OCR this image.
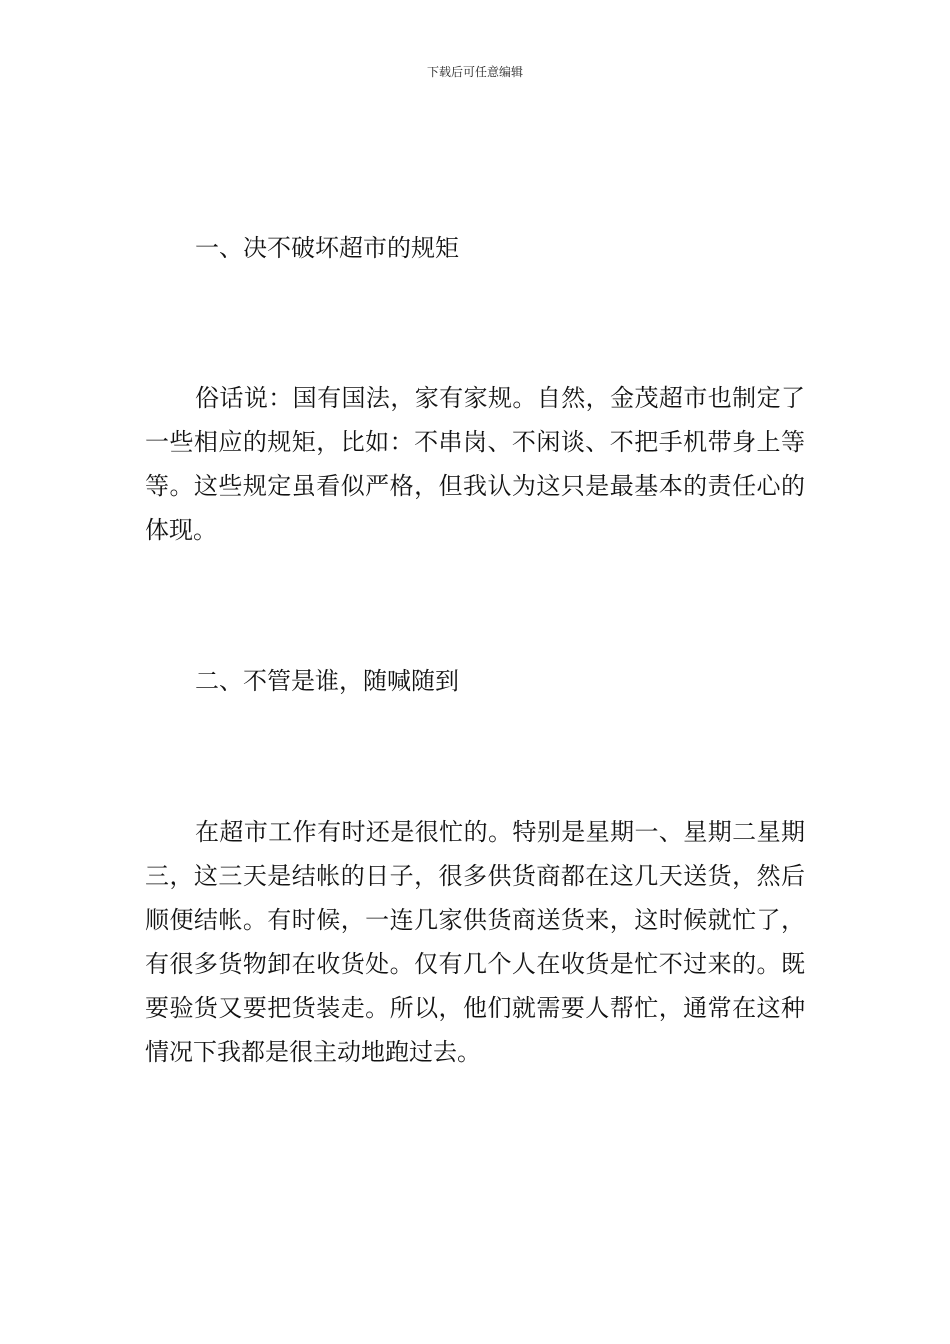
下载后可任意编辑
一、决不破坏超市的规矩

俗话说：国有国法，家有家规。自然，金茂超市也制定了一些相应的规矩，比如：不串岗、不闲谈、不把手机带身上等等。这些规定虽看似严格，但我认为这只是最基本的责任心的体现。

二、不管是谁，随喊随到

在超市工作有时还是很忙的。特别是星期一、星期二星期三，这三天是结帐的日子，很多供货商都在这几天送货，然后顺便结帐。有时候，一连几家供货商送货来，这时候就忙了，有很多货物卸在收货处。仅有几个人在收货是忙不过来的。既要验货又要把货装走。所以，他们就需要人帮忙，通常在这种情况下我都是很主动地跑过去。
